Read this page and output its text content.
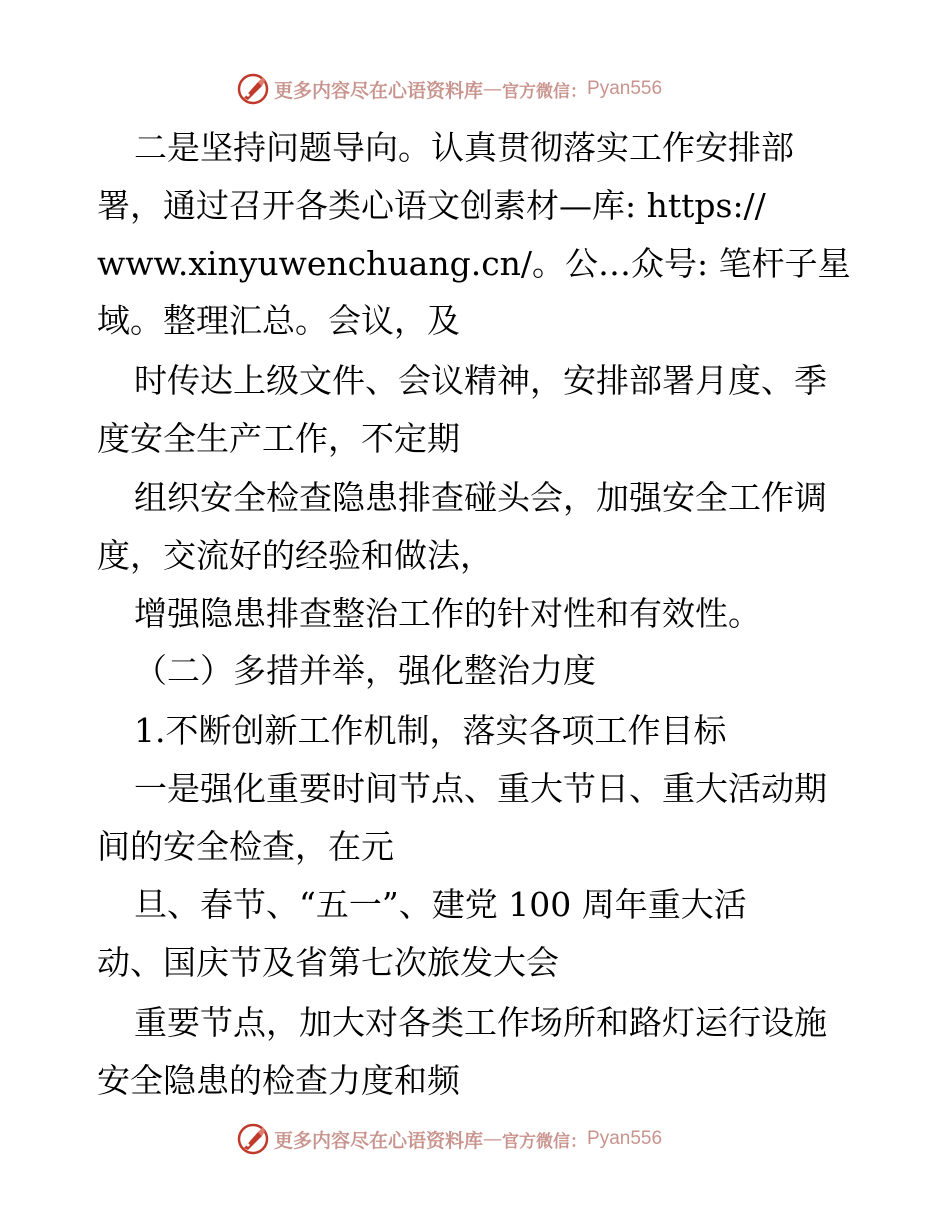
更多内容尽在心语资料库 — 官方微信： Pyan556
二是坚持问题导向。认真贯彻落实工作安排部
署，通过召开各类心语文创素材—库: https://
www.xinyuwenchuang.cn/。公…众号: 笔杆子星
域。整理汇总。会议，及
时传达上级文件、会议精神，安排部署月度、季
度安全生产工作，不定期
组织安全检查隐患排查碰头会，加强安全工作调
度，交流好的经验和做法，
增强隐患排查整治工作的针对性和有效性。
（二）多措并举，强化整治力度
1.不断创新工作机制，落实各项工作目标
一是强化重要时间节点、重大节日、重大活动期
间的安全检查，在元
旦、春节、“五一”、建党 100 周年重大活
动、国庆节及省第七次旅发大会
重要节点，加大对各类工作场所和路灯运行设施
安全隐患的检查力度和频
更多内容尽在心语资料库 — 官方微信： Pyan556
